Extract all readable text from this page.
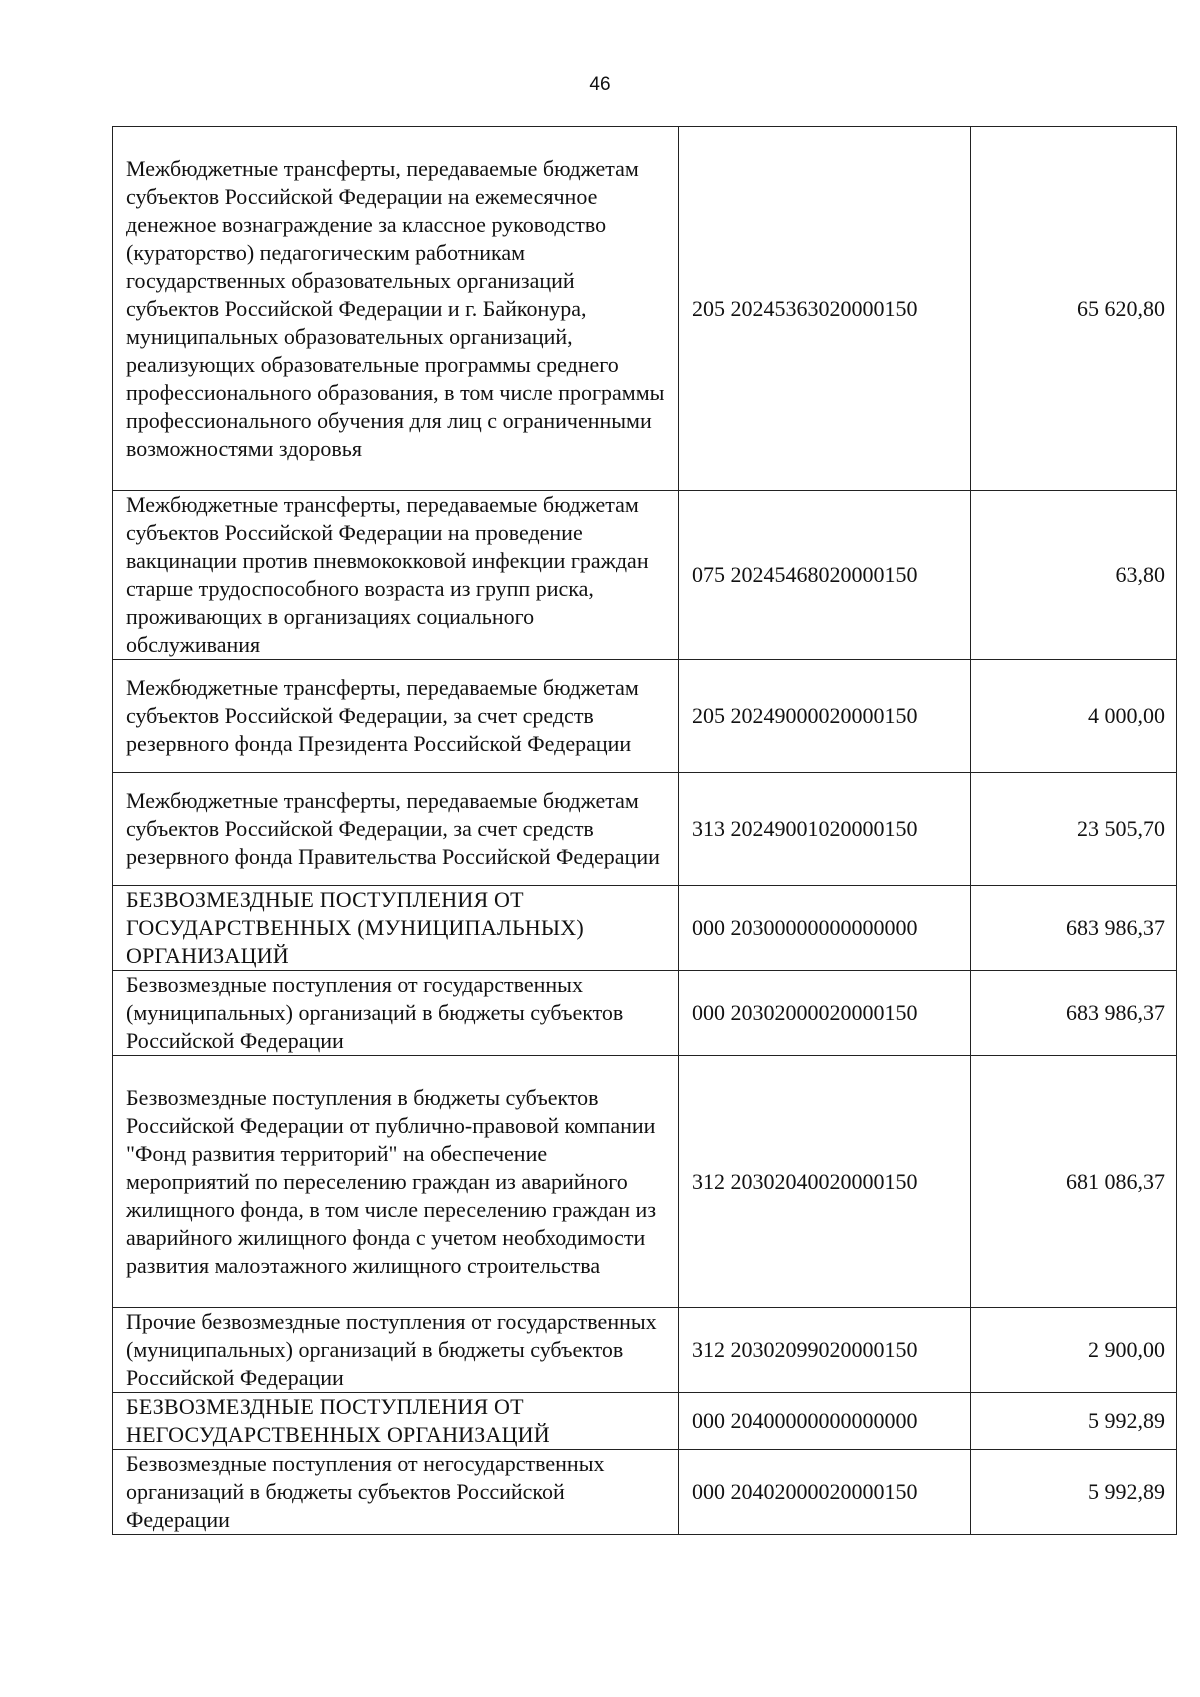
46
Межбюджетные трансферты, передаваемые бюджетам субъектов Российской Федерации на ежемесячное денежное вознаграждение за классное руководство (кураторство) педагогическим работникам государственных образовательных организаций субъектов Российской Федерации и г. Байконура, муниципальных образовательных организаций, реализующих образовательные программы среднего профессионального образования, в том числе программы профессионального обучения для лиц с ограниченными возможностями здоровья	205 20245363020000150	65 620,80
Межбюджетные трансферты, передаваемые бюджетам субъектов Российской Федерации на проведение вакцинации против пневмококковой инфекции граждан старше трудоспособного возраста из групп риска, проживающих в организациях социального обслуживания	075 20245468020000150	63,80
Межбюджетные трансферты, передаваемые бюджетам субъектов Российской Федерации, за счет средств резервного фонда Президента Российской Федерации	205 20249000020000150	4 000,00
Межбюджетные трансферты, передаваемые бюджетам субъектов Российской Федерации, за счет средств резервного фонда Правительства Российской Федерации	313 20249001020000150	23 505,70
БЕЗВОЗМЕЗДНЫЕ ПОСТУПЛЕНИЯ ОТ ГОСУДАРСТВЕННЫХ (МУНИЦИПАЛЬНЫХ) ОРГАНИЗАЦИЙ	000 20300000000000000	683 986,37
Безвозмездные поступления от государственных (муниципальных) организаций в бюджеты субъектов Российской Федерации	000 20302000020000150	683 986,37
Безвозмездные поступления в бюджеты субъектов Российской Федерации от публично-правовой компании "Фонд развития территорий" на обеспечение мероприятий по переселению граждан из аварийного жилищного фонда, в том числе переселению граждан из аварийного жилищного фонда с учетом необходимости развития малоэтажного жилищного строительства	312 20302040020000150	681 086,37
Прочие безвозмездные поступления от государственных (муниципальных) организаций в бюджеты субъектов Российской Федерации	312 20302099020000150	2 900,00
БЕЗВОЗМЕЗДНЫЕ ПОСТУПЛЕНИЯ ОТ НЕГОСУДАРСТВЕННЫХ ОРГАНИЗАЦИЙ	000 20400000000000000	5 992,89
Безвозмездные поступления от негосударственных организаций в бюджеты субъектов Российской Федерации	000 20402000020000150	5 992,89
